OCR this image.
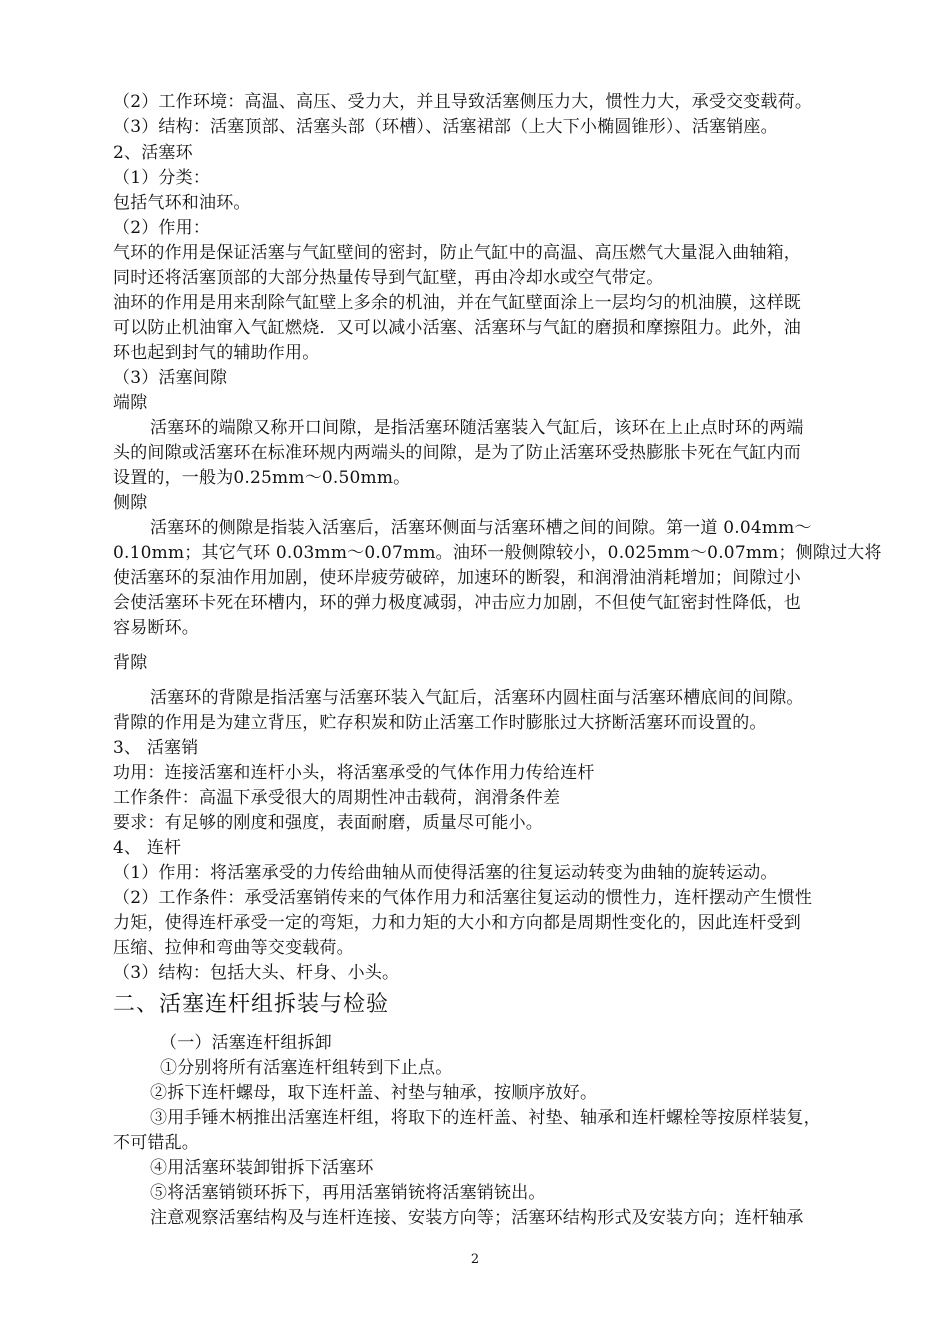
（2）工作环境：高温、高压、受力大，并且导致活塞侧压力大，惯性力大，承受交变载荷。
（3）结构：活塞顶部、活塞头部（环槽）、活塞裙部（上大下小椭圆锥形）、活塞销座。
2、活塞环
（1）分类：
包括气环和油环。
（2）作用：
气环的作用是保证活塞与气缸壁间的密封，防止气缸中的高温、高压燃气大量混入曲轴箱，
同时还将活塞顶部的大部分热量传导到气缸壁，再由冷却水或空气带定。
油环的作用是用来刮除气缸壁上多余的机油，并在气缸壁面涂上一层均匀的机油膜，这样既
可以防止机油窜入气缸燃烧．又可以减小活塞、活塞环与气缸的磨损和摩擦阻力。此外，油
环也起到封气的辅助作用。
（3）活塞间隙
端隙
活塞环的端隙又称开口间隙，是指活塞环随活塞装入气缸后，该环在上止点时环的两端
头的间隙或活塞环在标准环规内两端头的间隙，是为了防止活塞环受热膨胀卡死在气缸内而
设置的，一般为0.25mm～0.50mm。
侧隙
活塞环的侧隙是指装入活塞后，活塞环侧面与活塞环槽之间的间隙。第一道 0.04mm～
0.10mm；其它气环 0.03mm～0.07mm。油环一般侧隙较小，0.025mm～0.07mm；侧隙过大将
使活塞环的泵油作用加剧，使环岸疲劳破碎，加速环的断裂，和润滑油消耗增加；间隙过小
会使活塞环卡死在环槽内，环的弹力极度减弱，冲击应力加剧，不但使气缸密封性降低，也
容易断环。
背隙
活塞环的背隙是指活塞与活塞环装入气缸后，活塞环内圆柱面与活塞环槽底间的间隙。
背隙的作用是为建立背压，贮存积炭和防止活塞工作时膨胀过大挤断活塞环而设置的。
3、 活塞销
功用：连接活塞和连杆小头，将活塞承受的气体作用力传给连杆
工作条件：高温下承受很大的周期性冲击载荷，润滑条件差
要求：有足够的刚度和强度，表面耐磨，质量尽可能小。
4、 连杆
（1）作用：将活塞承受的力传给曲轴从而使得活塞的往复运动转变为曲轴的旋转运动。
（2）工作条件：承受活塞销传来的气体作用力和活塞往复运动的惯性力，连杆摆动产生惯性
力矩，使得连杆承受一定的弯矩，力和力矩的大小和方向都是周期性变化的，因此连杆受到
压缩、拉伸和弯曲等交变载荷。
（3）结构：包括大头、杆身、小头。
二、活塞连杆组拆装与检验
（一）活塞连杆组拆卸
①分别将所有活塞连杆组转到下止点。
②拆下连杆螺母，取下连杆盖、衬垫与轴承，按顺序放好。
③用手锤木柄推出活塞连杆组，将取下的连杆盖、衬垫、轴承和连杆螺栓等按原样装复，
不可错乱。
④用活塞环装卸钳拆下活塞环
⑤将活塞销锁环拆下，再用活塞销铳将活塞销铳出。
注意观察活塞结构及与连杆连接、安装方向等；活塞环结构形式及安装方向；连杆轴承
2
